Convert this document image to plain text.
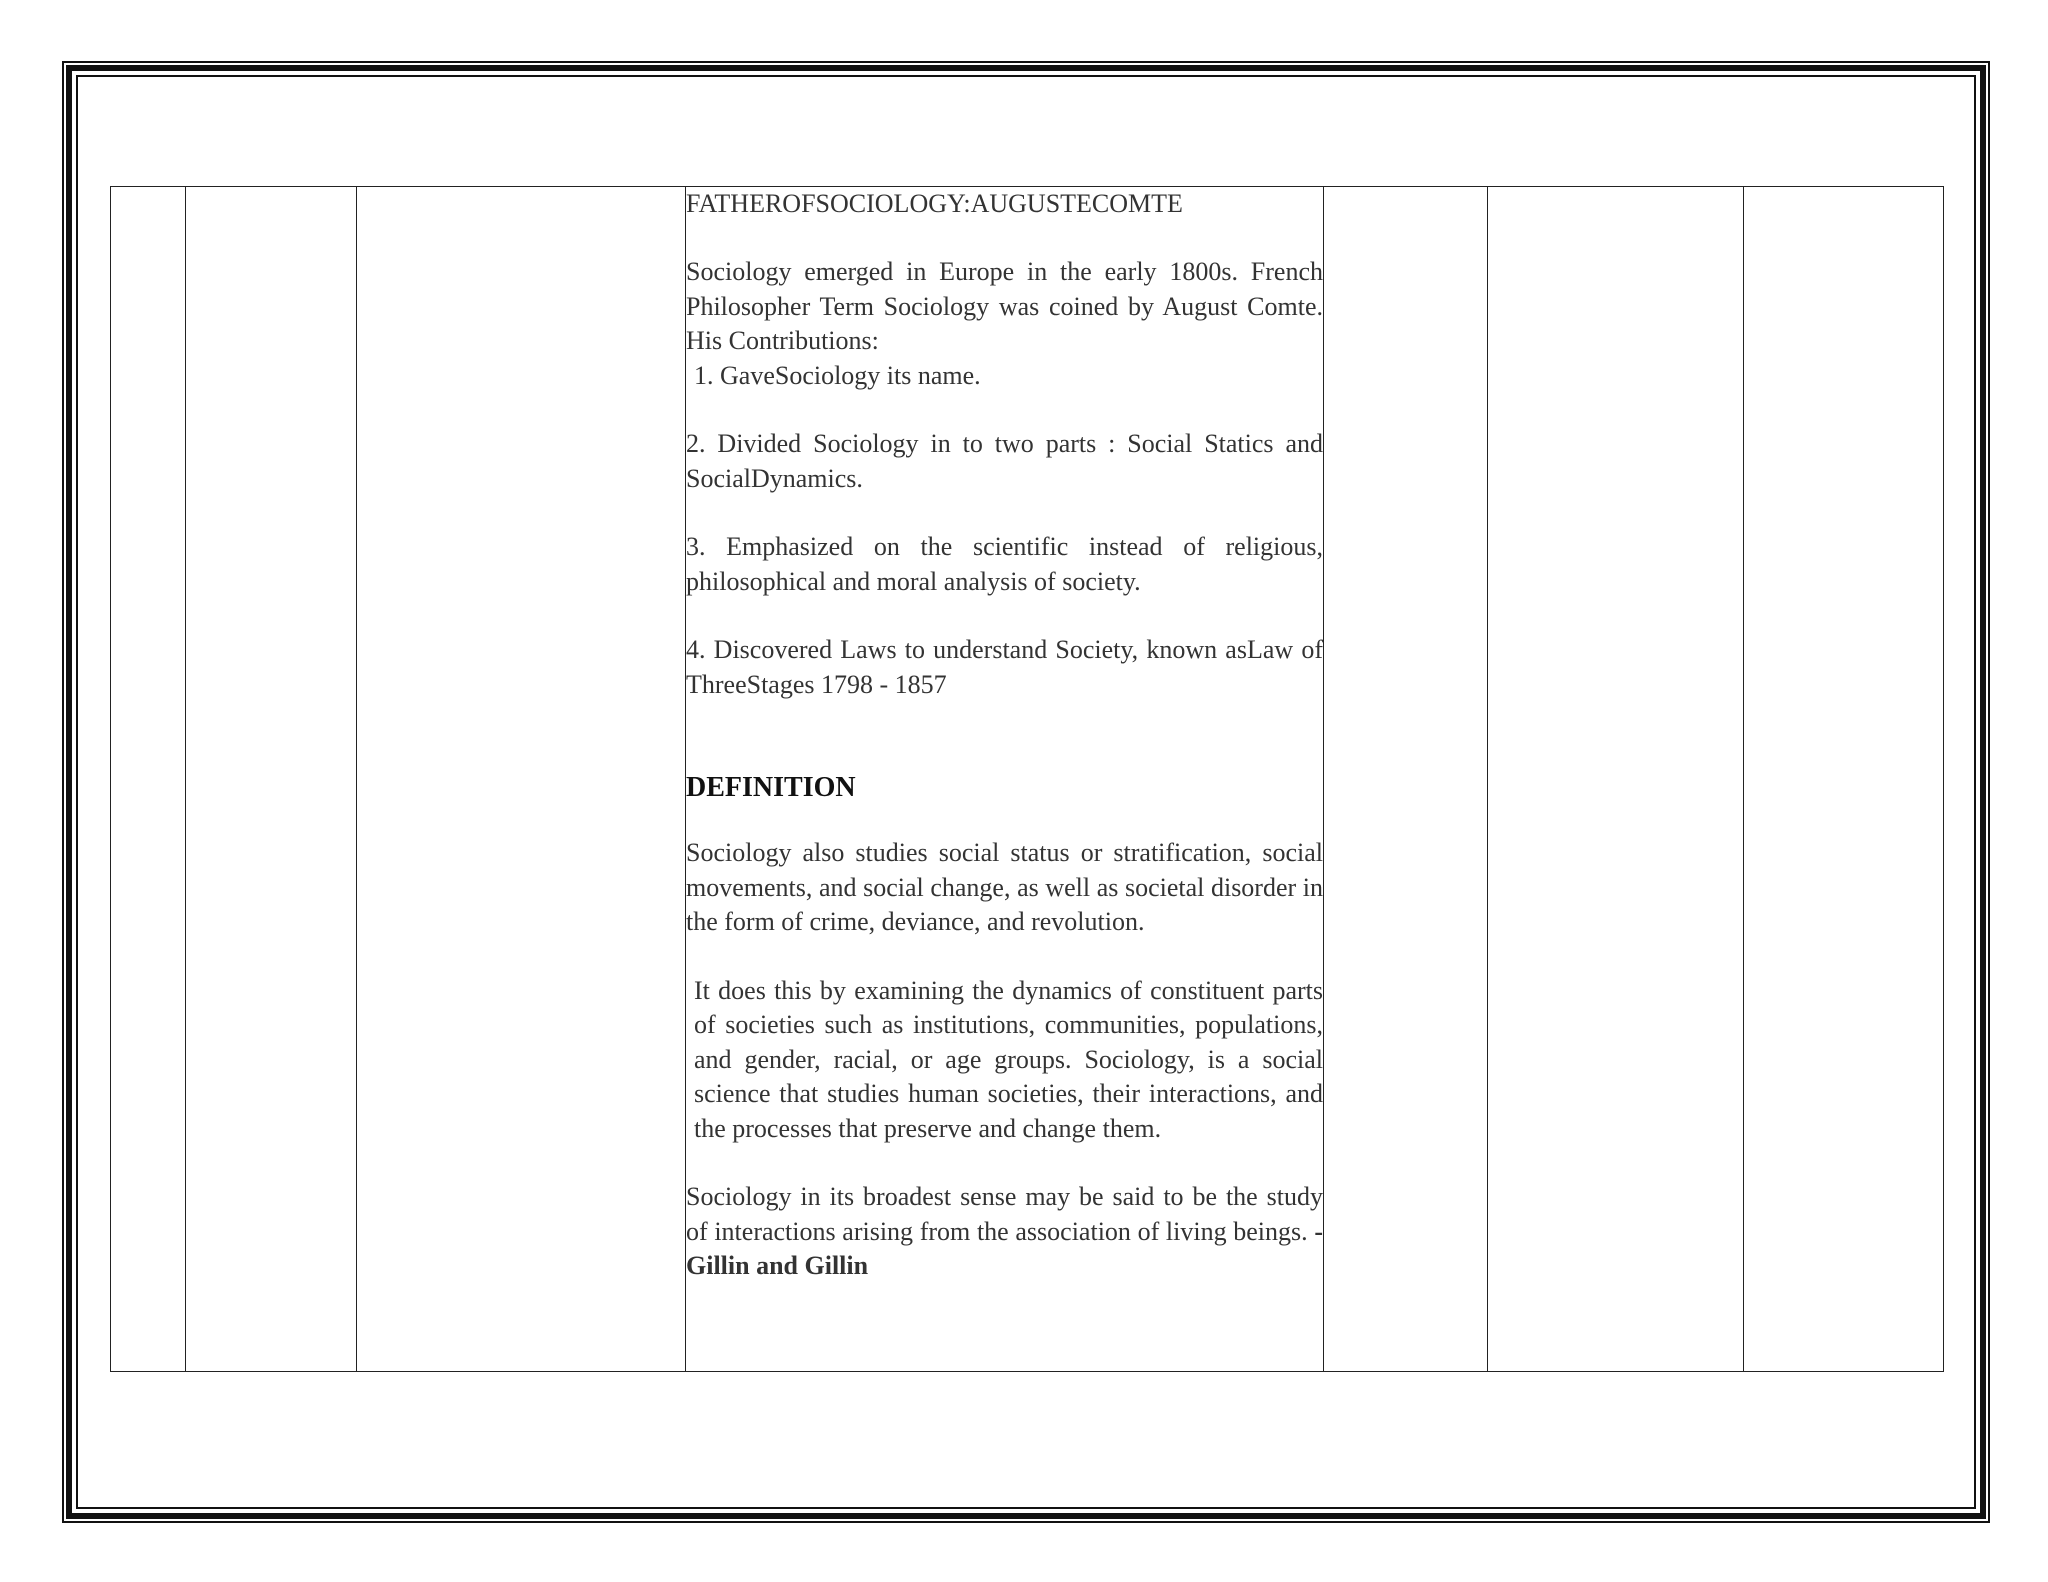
FATHEROFSOCIOLOGY:AUGUSTECOMTE

Sociology emerged in Europe in the early 1800s. French Philosopher Term Sociology was coined by August Comte. His Contributions:

1. GaveSociology its name.

2. Divided Sociology in to two parts : Social Statics and SocialDynamics.

3. Emphasized on the scientific instead of religious, philosophical and moral analysis of society.

4. Discovered Laws to understand Society, known asLaw of ThreeStages 1798 - 1857

DEFINITION

Sociology also studies social status or stratification, social movements, and social change, as well as societal disorder in the form of crime, deviance, and revolution.

It does this by examining the dynamics of constituent parts of societies such as institutions, communities, populations, and gender, racial, or age groups. Sociology, is a social science that studies human societies, their interactions, and the processes that preserve and change them.

Sociology in its broadest sense may be said to be the study of interactions arising from the association of living beings. - Gillin and Gillin
